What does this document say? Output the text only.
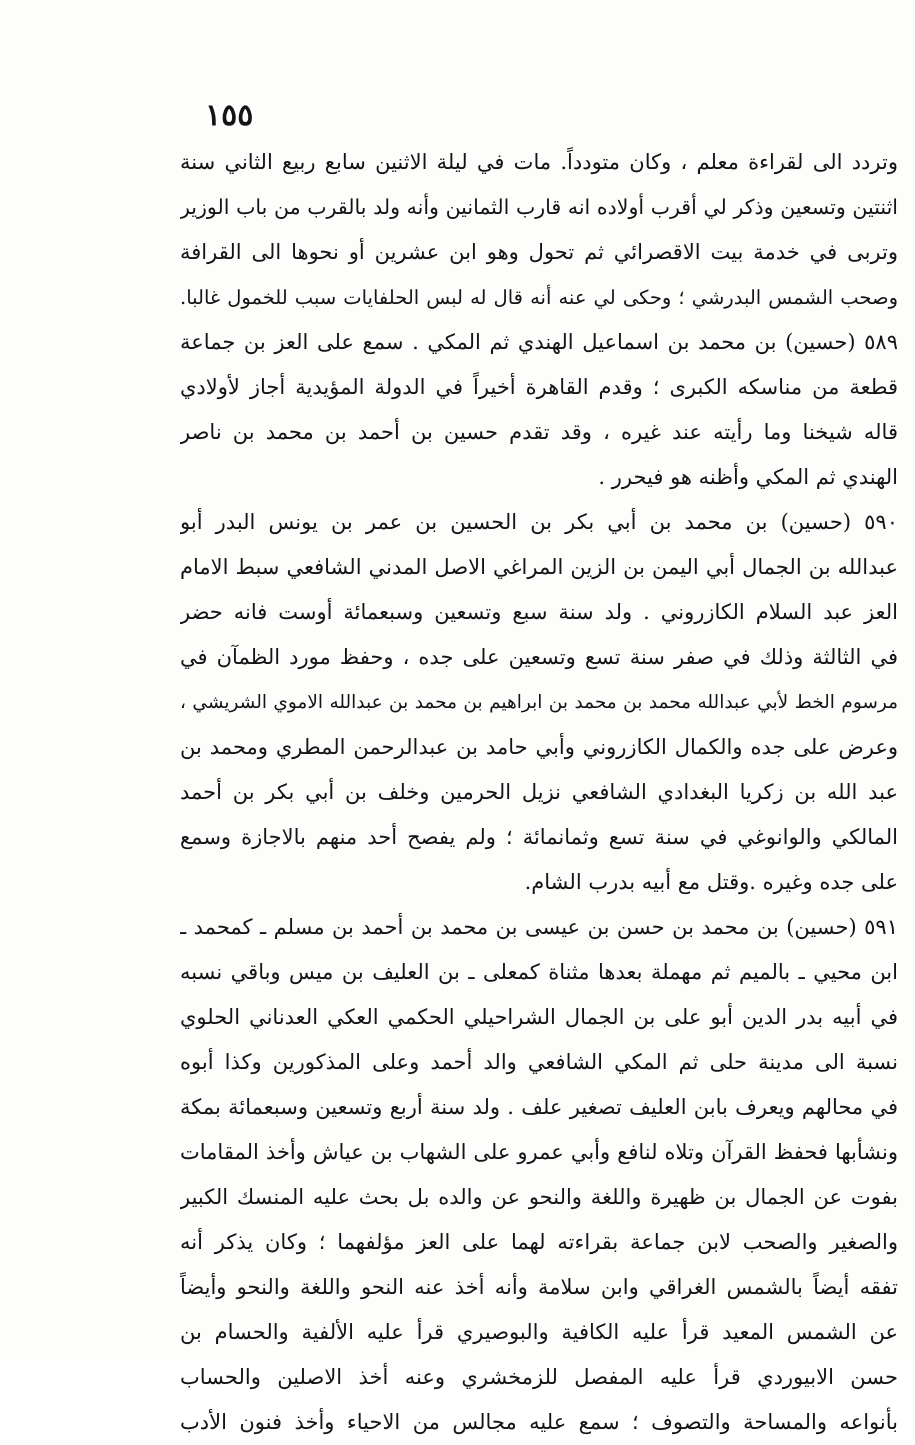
١٥٥
وتردد الى لقراءة معلم ، وكان متودداً. مات في ليلة الاثنين سابع ربيع الثاني سنة
اثنتين وتسعين وذكر لي أقرب أولاده انه قارب الثمانين وأنه ولد بالقرب من باب الوزير
وتربى في خدمة بيت الاقصرائي ثم تحول وهو ابن عشرين أو نحوها الى القرافة
وصحب الشمس البدرشي ؛ وحكى لي عنه أنه قال له لبس الحلفايات سبب للخمول غالبا.
٥٨٩ (حسين) بن محمد بن اسماعيل الهندي ثم المكي . سمع على العز بن جماعة
قطعة من مناسكه الكبرى ؛ وقدم القاهرة أخيراً في الدولة المؤيدية أجاز لأولادي
قاله شيخنا وما رأيته عند غيره ، وقد تقدم حسين بن أحمد بن محمد بن ناصر
الهندي ثم المكي وأظنه هو فيحرر .
٥٩٠ (حسين) بن محمد بن أبي بكر بن الحسين بن عمر بن يونس البدر أبو
عبدالله بن الجمال أبي اليمن بن الزين المراغي الاصل المدني الشافعي سبط الامام
العز عبد السلام الكازروني . ولد سنة سبع وتسعين وسبعمائة أوست فانه حضر
في الثالثة وذلك في صفر سنة تسع وتسعين على جده ، وحفظ مورد الظمآن في
مرسوم الخط لأبي عبدالله محمد بن محمد بن ابراهيم بن محمد بن عبدالله الاموي الشريشي ،
وعرض على جده والكمال الكازروني وأبي حامد بن عبدالرحمن المطري ومحمد بن
عبد الله بن زكريا البغدادي الشافعي نزيل الحرمين وخلف بن أبي بكر بن أحمد
المالكي والوانوغي في سنة تسع وثمانمائة ؛ ولم يفصح أحد منهم بالاجازة وسمع
على جده وغيره .وقتل مع أبيه بدرب الشام.
٥٩١ (حسين) بن محمد بن حسن بن عيسى بن محمد بن أحمد بن مسلم ـ كمحمد ـ
ابن محيي ـ بالميم ثم مهملة بعدها مثناة كمعلى ـ بن العليف بن ميس وباقي نسبه
في أبيه بدر الدين أبو على بن الجمال الشراحيلي الحكمي العكي العدناني الحلوي
نسبة الى مدينة حلى ثم المكي الشافعي والد أحمد وعلى المذكورين وكذا أبوه
في محالهم ويعرف بابن العليف تصغير علف . ولد سنة أربع وتسعين وسبعمائة بمكة
ونشأبها فحفظ القرآن وتلاه لنافع وأبي عمرو على الشهاب بن عياش وأخذ المقامات
بفوت عن الجمال بن ظهيرة واللغة والنحو عن والده بل بحث عليه المنسك الكبير
والصغير والصحب لابن جماعة بقراءته لهما على العز مؤلفهما ؛ وكان يذكر أنه
تفقه أيضاً بالشمس الغراقي وابن سلامة وأنه أخذ عنه النحو واللغة والنحو وأيضاً
عن الشمس المعيد قرأ عليه الكافية والبوصيري قرأ عليه الألفية والحسام بن
حسن الابيوردي قرأ عليه المفصل للزمخشري وعنه أخذ الاصلين والحساب
بأنواعه والمساحة والتصوف ؛ سمع عليه مجالس من الاحياء وأخذ فنون الأدب
